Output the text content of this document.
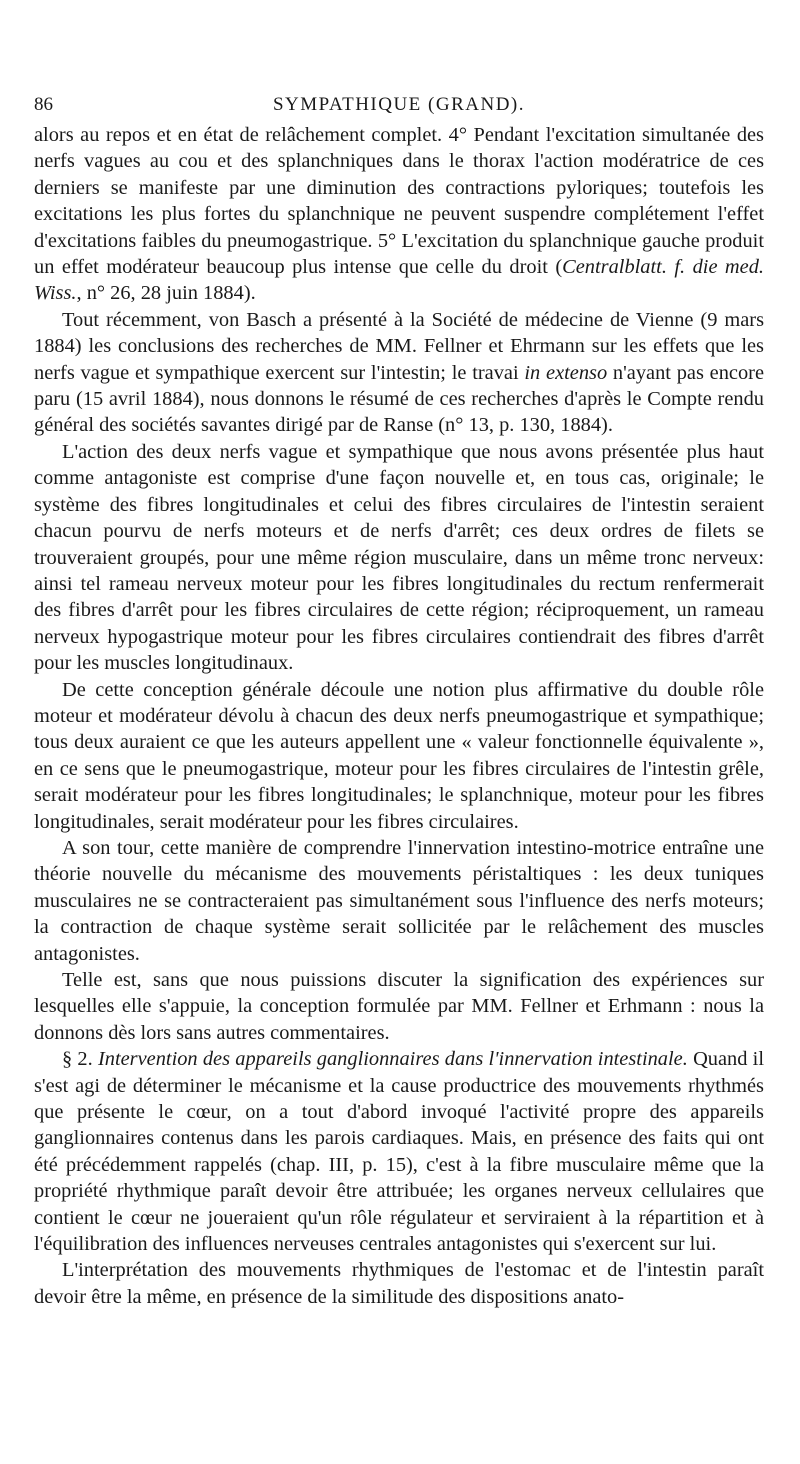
86	SYMPATHIQUE (GRAND).

alors au repos et en état de relâchement complet. 4° Pendant l'excitation simultanée des nerfs vagues au cou et des splanchniques dans le thorax l'action modératrice de ces derniers se manifeste par une diminution des contractions pyloriques; toutefois les excitations les plus fortes du splanchnique ne peuvent suspendre complétement l'effet d'excitations faibles du pneumogastrique. 5° L'excitation du splanchnique gauche produit un effet modérateur beaucoup plus intense que celle du droit (Centralblatt. f. die med. Wiss., n° 26, 28 juin 1884).

Tout récemment, von Basch a présenté à la Société de médecine de Vienne (9 mars 1884) les conclusions des recherches de MM. Fellner et Ehrmann sur les effets que les nerfs vague et sympathique exercent sur l'intestin; le travai in extenso n'ayant pas encore paru (15 avril 1884), nous donnons le résumé de ces recherches d'après le Compte rendu général des sociétés savantes dirigé par de Ranse (n° 13, p. 130, 1884).

L'action des deux nerfs vague et sympathique que nous avons présentée plus haut comme antagoniste est comprise d'une façon nouvelle et, en tous cas, originale; le système des fibres longitudinales et celui des fibres circulaires de l'intestin seraient chacun pourvu de nerfs moteurs et de nerfs d'arrêt; ces deux ordres de filets se trouveraient groupés, pour une même région musculaire, dans un même tronc nerveux: ainsi tel rameau nerveux moteur pour les fibres longitudinales du rectum renfermerait des fibres d'arrêt pour les fibres circulaires de cette région; réciproquement, un rameau nerveux hypogastrique moteur pour les fibres circulaires contiendrait des fibres d'arrêt pour les muscles longitudinaux.

De cette conception générale découle une notion plus affirmative du double rôle moteur et modérateur dévolu à chacun des deux nerfs pneumogastrique et sympathique; tous deux auraient ce que les auteurs appellent une « valeur fonctionnelle équivalente », en ce sens que le pneumogastrique, moteur pour les fibres circulaires de l'intestin grêle, serait modérateur pour les fibres longitudinales; le splanchnique, moteur pour les fibres longitudinales, serait modérateur pour les fibres circulaires.

A son tour, cette manière de comprendre l'innervation intestino-motrice entraîne une théorie nouvelle du mécanisme des mouvements péristaltiques : les deux tuniques musculaires ne se contracteraient pas simultanément sous l'influence des nerfs moteurs; la contraction de chaque système serait sollicitée par le relâchement des muscles antagonistes.

Telle est, sans que nous puissions discuter la signification des expériences sur lesquelles elle s'appuie, la conception formulée par MM. Fellner et Erhmann : nous la donnons dès lors sans autres commentaires.

§ 2. Intervention des appareils ganglionnaires dans l'innervation intestinale. Quand il s'est agi de déterminer le mécanisme et la cause productrice des mouvements rhythmés que présente le cœur, on a tout d'abord invoqué l'activité propre des appareils ganglionnaires contenus dans les parois cardiaques. Mais, en présence des faits qui ont été précédemment rappelés (chap. III, p. 15), c'est à la fibre musculaire même que la propriété rhythmique paraît devoir être attribuée; les organes nerveux cellulaires que contient le cœur ne joueraient qu'un rôle régulateur et serviraient à la répartition et à l'équilibration des influences nerveuses centrales antagonistes qui s'exercent sur lui.

L'interprétation des mouvements rhythmiques de l'estomac et de l'intestin paraît devoir être la même, en présence de la similitude des dispositions anato-
